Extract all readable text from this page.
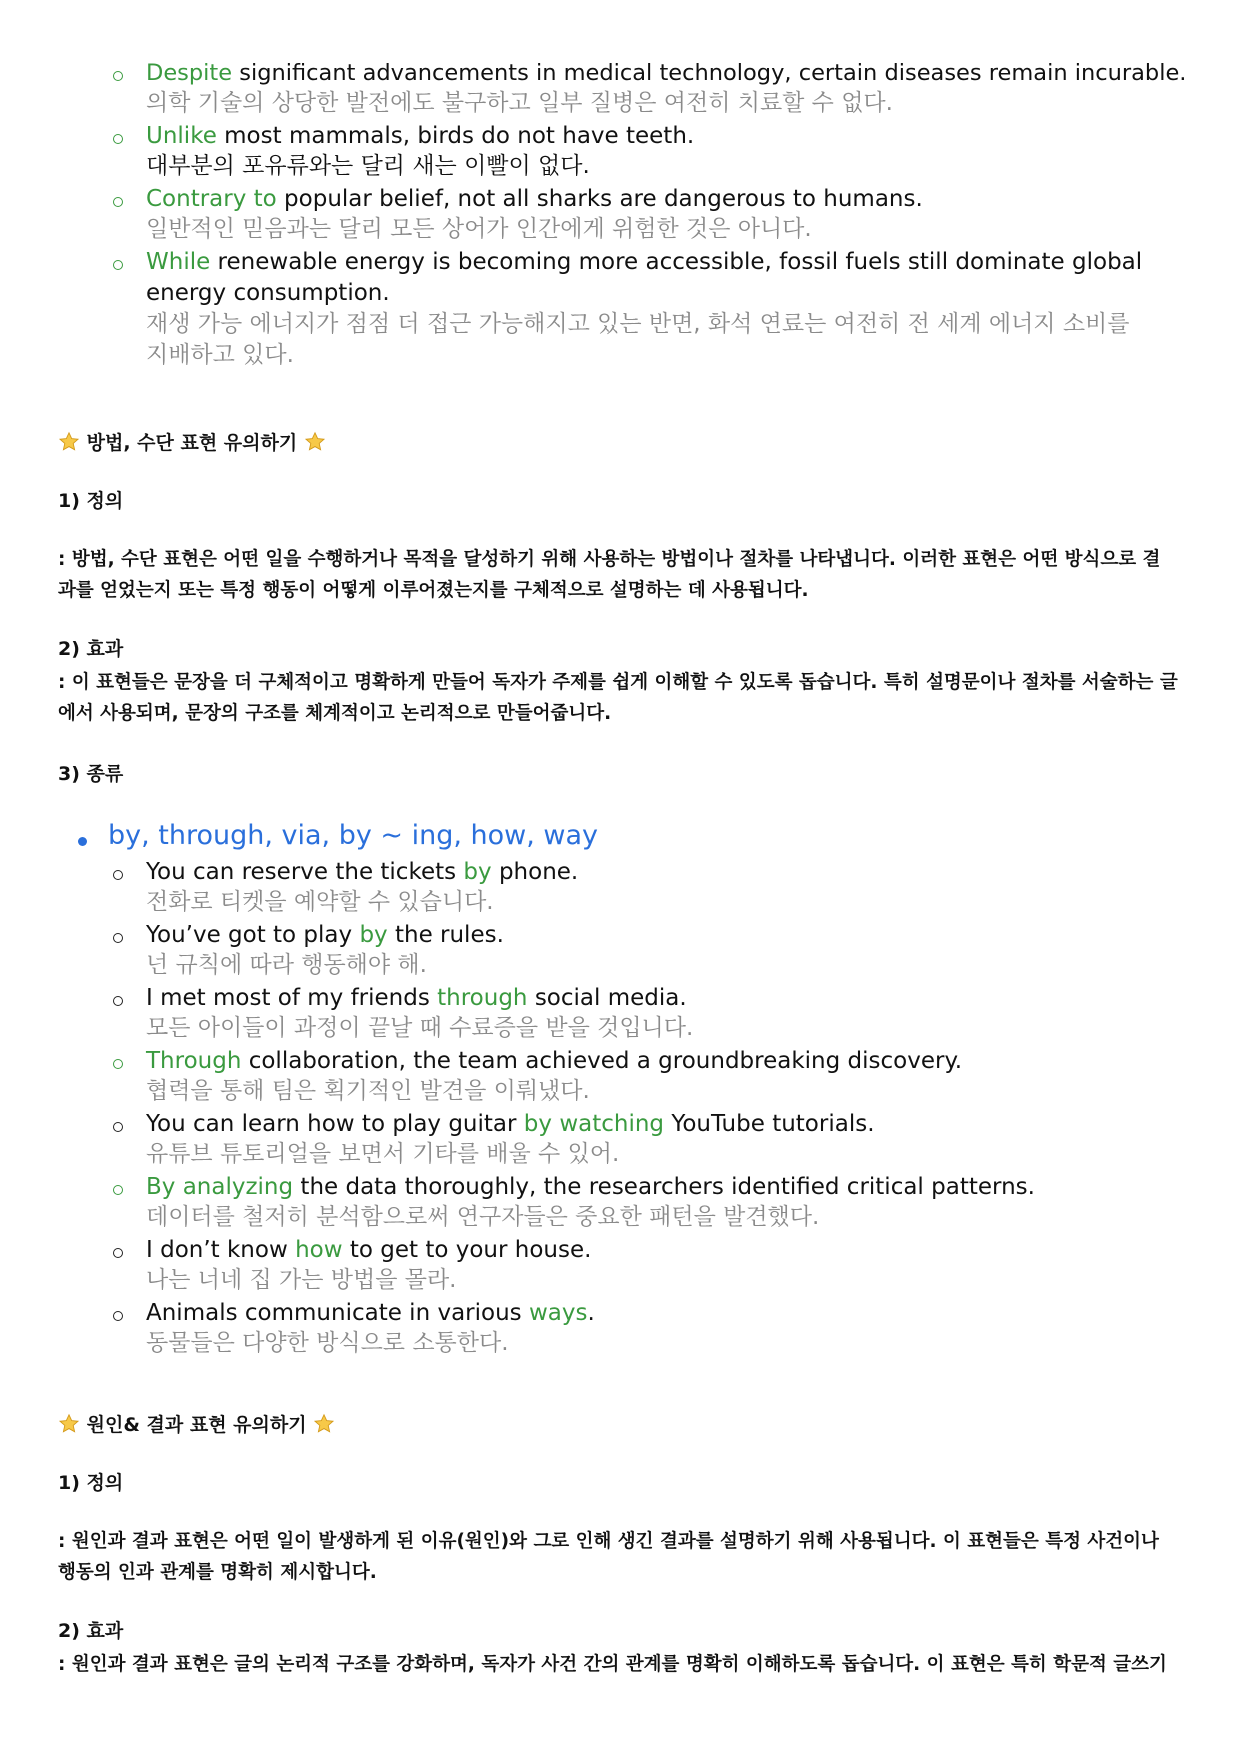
Despite significant advancements in medical technology, certain diseases remain incurable.
의학 기술의 상당한 발전에도 불구하고 일부 질병은 여전히 치료할 수 없다.
Unlike most mammals, birds do not have teeth.
대부분의 포유류와는 달리 새는 이빨이 없다.
Contrary to popular belief, not all sharks are dangerous to humans.
일반적인 믿음과는 달리 모든 상어가 인간에게 위험한 것은 아니다.
While renewable energy is becoming more accessible, fossil fuels still dominate global
energy consumption.
재생 가능 에너지가 점점 더 접근 가능해지고 있는 반면, 화석 연료는 여전히 전 세계 에너지 소비를
지배하고 있다.
방법, 수단 표현 유의하기
1) 정의
: 방법, 수단 표현은 어떤 일을 수행하거나 목적을 달성하기 위해 사용하는 방법이나 절차를 나타냅니다. 이러한 표현은 어떤 방식으로 결
과를 얻었는지 또는 특정 행동이 어떻게 이루어졌는지를 구체적으로 설명하는 데 사용됩니다.
2) 효과
: 이 표현들은 문장을 더 구체적이고 명확하게 만들어 독자가 주제를 쉽게 이해할 수 있도록 돕습니다. 특히 설명문이나 절차를 서술하는 글
에서 사용되며, 문장의 구조를 체계적이고 논리적으로 만들어줍니다.
3) 종류
by, through, via, by ~ ing, how, way
You can reserve the tickets by phone.
전화로 티켓을 예약할 수 있습니다.
You’ve got to play by the rules.
넌 규칙에 따라 행동해야 해.
I met most of my friends through social media.
모든 아이들이 과정이 끝날 때 수료증을 받을 것입니다.
Through collaboration, the team achieved a groundbreaking discovery.
협력을 통해 팀은 획기적인 발견을 이뤄냈다.
You can learn how to play guitar by watching YouTube tutorials.
유튜브 튜토리얼을 보면서 기타를 배울 수 있어.
By analyzing the data thoroughly, the researchers identified critical patterns.
데이터를 철저히 분석함으로써 연구자들은 중요한 패턴을 발견했다.
I don’t know how to get to your house.
나는 너네 집 가는 방법을 몰라.
Animals communicate in various ways.
동물들은 다양한 방식으로 소통한다.
원인& 결과 표현 유의하기
1) 정의
: 원인과 결과 표현은 어떤 일이 발생하게 된 이유(원인)와 그로 인해 생긴 결과를 설명하기 위해 사용됩니다. 이 표현들은 특정 사건이나
행동의 인과 관계를 명확히 제시합니다.
2) 효과
: 원인과 결과 표현은 글의 논리적 구조를 강화하며, 독자가 사건 간의 관계를 명확히 이해하도록 돕습니다. 이 표현은 특히 학문적 글쓰기
